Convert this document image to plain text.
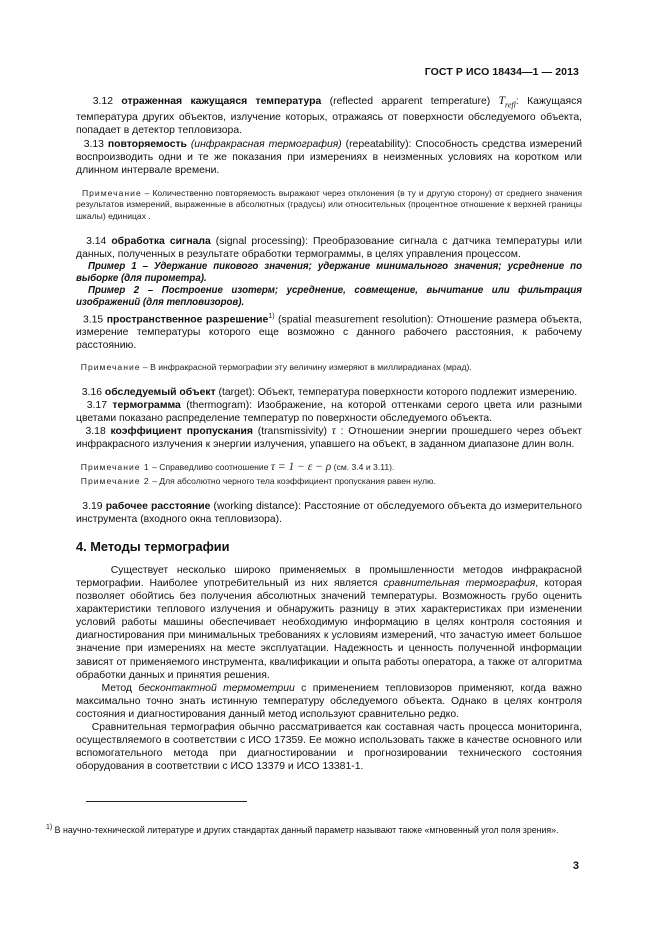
ГОСТ Р ИСО 18434—1 — 2013

3.12 отраженная кажущаяся температура (reflected apparent temperature) $T_{refl}$: Кажущаяся температура других объектов, излучение которых, отражаясь от поверхности обследуемого объекта, попадает в детектор тепловизора.

3.13 повторяемость (инфракрасная термография) (repeatability): Способность средства измерений воспроизводить одни и те же показания при измерениях в неизменных условиях на коротком или длинном интервале времени.

Примечание – Количественно повторяемость выражают через отклонения (в ту и другую сторону) от среднего значения результатов измерений, выраженные в абсолютных (градусы) или относительных (процентное отношение к верхней границы шкалы) единицах .

3.14 обработка сигнала (signal processing): Преобразование сигнала с датчика температуры или данных, полученных в результате обработки термограммы, в целях управления процессом.

Пример 1 – Удержание пикового значения; удержание минимального значения; усреднение по выборке (для пирометра).

Пример 2 – Построение изотерм; усреднение, совмещение, вычитание или фильтрация изображений (для тепловизоров).

3.15 пространственное разрешение$^{1)}$ (spatial measurement resolution): Отношение размера объекта, измерение температуры которого еще возможно с данного рабочего расстояния, к рабочему расстоянию.

Примечание – В инфракрасной термографии эту величину измеряют в миллирадианах (мрад).

3.16 обследуемый объект (target): Объект, температура поверхности которого подлежит измерению.

3.17 термограмма (thermogram): Изображение, на которой оттенками серого цвета или разными цветами показано распределение температур по поверхности обследуемого объекта.

3.18 коэффициент пропускания (transmissivity) τ : Отношении энергии прошедшего через объект инфракрасного излучения к энергии излучения, упавшего на объект, в заданном диапазоне длин волн.

Примечание 1 – Справедливо соотношение τ = 1 − ε − ρ (см. 3.4 и 3.11).

Примечание 2 – Для абсолютно черного тела коэффициент пропускания равен нулю.

3.19 рабочее расстояние (working distance): Расстояние от обследуемого объекта до измерительного инструмента (входного окна тепловизора).

4. Методы термографии

Существует несколько широко применяемых в промышленности методов инфракрасной термографии. Наиболее употребительный из них является сравнительная термография, которая позволяет обойтись без получения абсолютных значений температуры. Возможность грубо оценить характеристики теплового излучения и обнаружить разницу в этих характеристиках при изменении условий работы машины обеспечивает необходимую информацию в целях контроля состояния и диагностирования при минимальных требованиях к условиям измерений, что зачастую имеет большое значение при измерениях на месте эксплуатации. Надежность и ценность полученной информации зависят от применяемого инструмента, квалификации и опыта работы оператора, а также от алгоритма обработки данных и принятия решения.

Метод бесконтактной термометрии с применением тепловизоров применяют, когда важно максимально точно знать истинную температуру обследуемого объекта. Однако в целях контроля состояния и диагностирования данный метод используют сравнительно редко.

Сравнительная термография обычно рассматривается как составная часть процесса мониторинга, осуществляемого в соответствии с ИСО 17359. Ее можно использовать также в качестве основного или вспомогательного метода при диагностировании и прогнозировании технического состояния оборудования в соответствии с ИСО 13379 и ИСО 13381-1.

$^{1)}$ В научно-технической литературе и других стандартах данный параметр называют также «мгновенный угол поля зрения».
3
